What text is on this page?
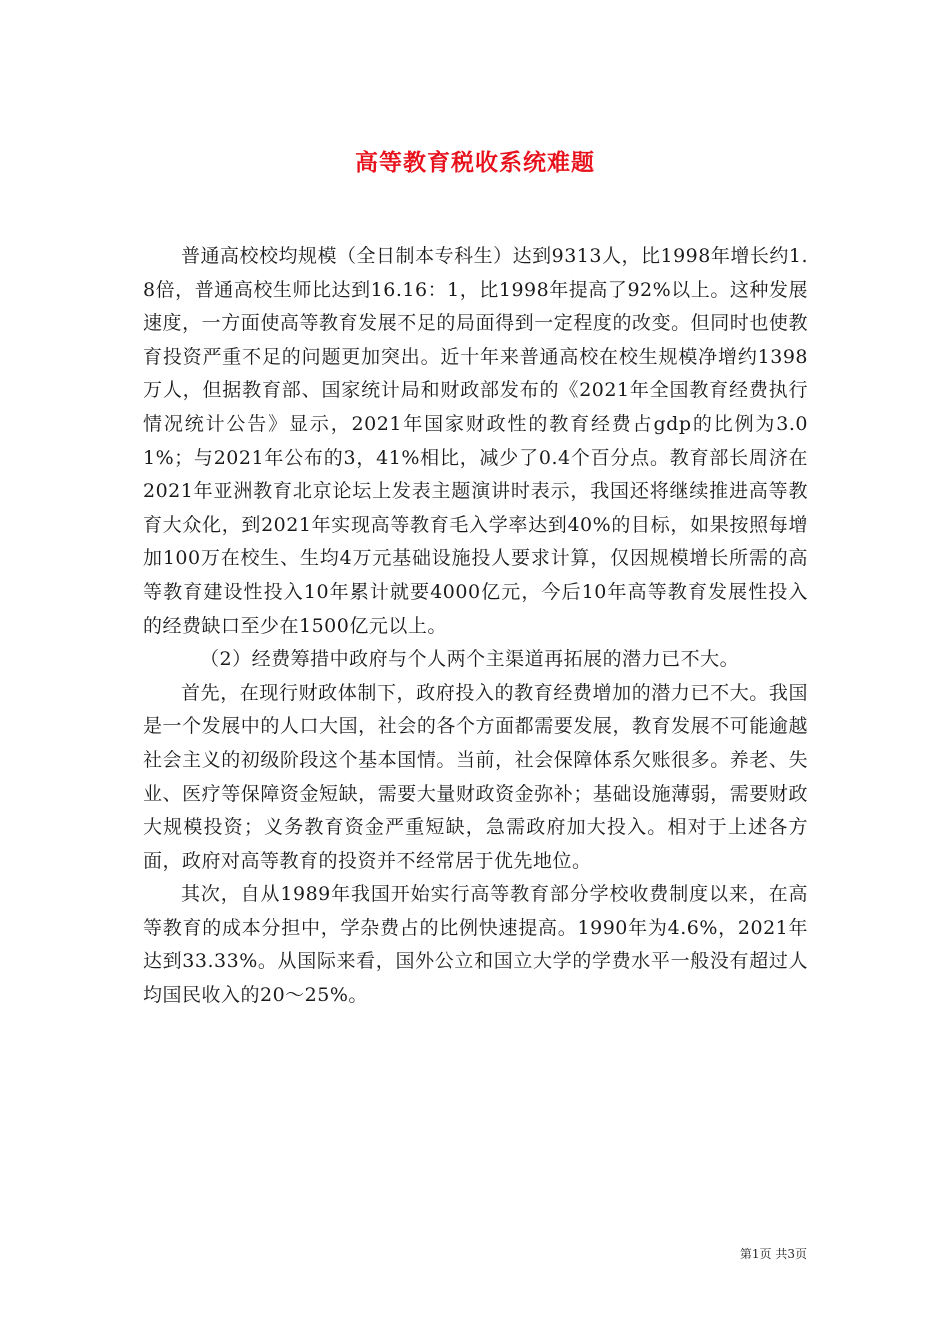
高等教育税收系统难题

普通高校校均规模（全日制本专科生）达到9313人，比1998年增长约1.8倍，普通高校生师比达到16.16：1，比1998年提高了92%以上。这种发展速度，一方面使高等教育发展不足的局面得到一定程度的改变。但同时也使教育投资严重不足的问题更加突出。近十年来普通高校在校生规模净增约1398万人，但据教育部、国家统计局和财政部发布的《2021年全国教育经费执行情况统计公告》显示，2021年国家财政性的教育经费占gdp的比例为3.01%；与2021年公布的3，41%相比，减少了0.4个百分点。教育部长周济在2021年亚洲教育北京论坛上发表主题演讲时表示，我国还将继续推进高等教育大众化，到2021年实现高等教育毛入学率达到40%的目标，如果按照每增加100万在校生、生均4万元基础设施投人要求计算，仅因规模增长所需的高等教育建设性投入10年累计就要4000亿元，今后10年高等教育发展性投入的经费缺口至少在1500亿元以上。

（2）经费筹措中政府与个人两个主渠道再拓展的潜力已不大。

首先，在现行财政体制下，政府投入的教育经费增加的潜力已不大。我国是一个发展中的人口大国，社会的各个方面都需要发展，教育发展不可能逾越社会主义的初级阶段这个基本国情。当前，社会保障体系欠账很多。养老、失业、医疗等保障资金短缺，需要大量财政资金弥补；基础设施薄弱，需要财政大规模投资；义务教育资金严重短缺，急需政府加大投入。相对于上述各方面，政府对高等教育的投资并不经常居于优先地位。

其次，自从1989年我国开始实行高等教育部分学校收费制度以来，在高等教育的成本分担中，学杂费占的比例快速提高。1990年为4.6%，2021年达到33.33%。从国际来看，国外公立和国立大学的学费水平一般没有超过人均国民收入的20～25%。

第1页 共3页
